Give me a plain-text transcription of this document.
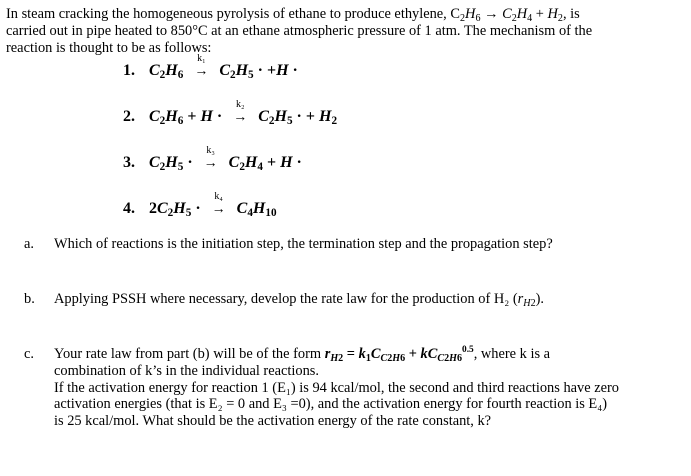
In steam cracking the homogeneous pyrolysis of ethane to produce ethylene, $C_2H_6 \to C_2H_4 + H_2$, is
carried out in pipe heated to 850°C at an ethane atmospheric pressure of 1 atm. The mechanism of the
reaction is thought to be as follows:
1. $C_2H_6$
k₁
→ $C_2H_5 \cdot +H$ ·
2. $C_2H_6 + H$ ·
k₂
→ $C_2H_5$ · + $H_2$
3. $C_2H_5$ ·
k₃
→ $C_2H_4 + H$ ·
4. $2C_2H_5$ ·
k₄
→ $C_4H_{10}$
a. Which of reactions is the initiation step, the termination step and the propagation step?
b. Applying PSSH where necessary, develop the rate law for the production of H₂ $(r_{H2})$.
c. Your rate law from part (b) will be of the form $r_{H2} = k_1C_{C2H6} + kC_{C2H6}^{0.5}$, where k is a
combination of k’s in the individual reactions.
If the activation energy for reaction 1 (E₁) is 94 kcal/mol, the second and third reactions have zero
activation energies (that is E₂ = 0 and E₃ =0), and the activation energy for fourth reaction is E₄)
is 25 kcal/mol. What should be the activation energy of the rate constant, k?
